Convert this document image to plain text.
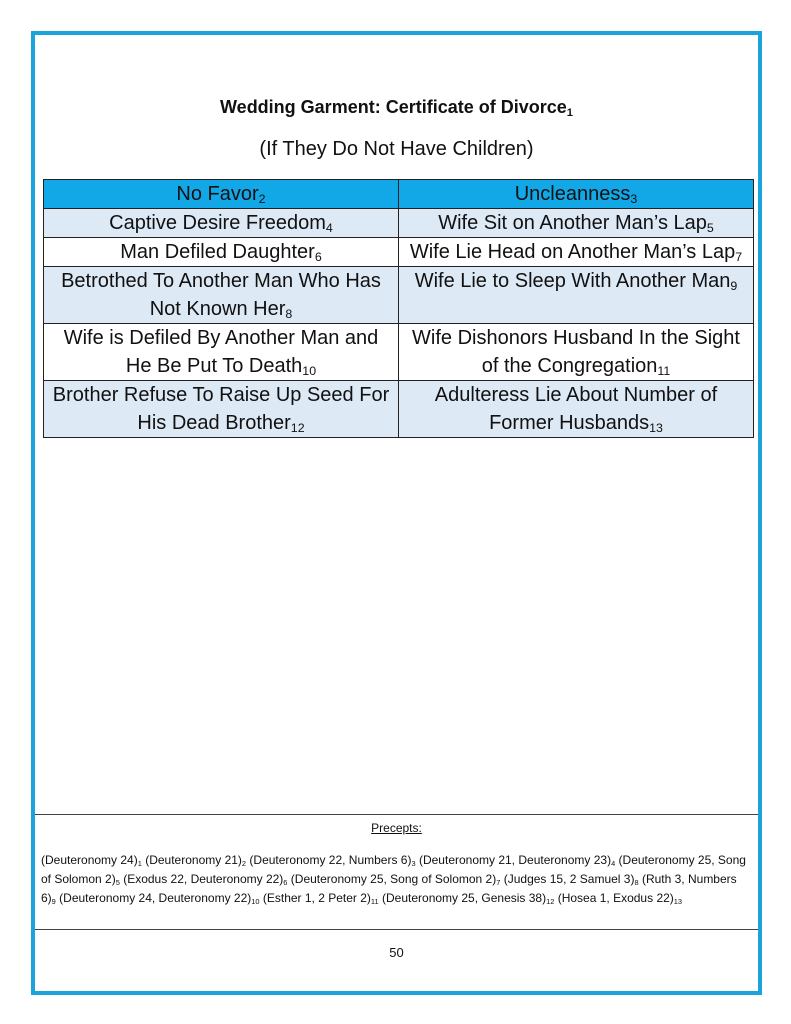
Wedding Garment: Certificate of Divorce$_1$
(If They Do Not Have Children)
No Favor$_2$	Uncleanness$_3$
Captive Desire Freedom$_4$	Wife Sit on Another Man’s Lap$_5$
Man Defiled Daughter$_6$	Wife Lie Head on Another Man’s Lap$_7$
Betrothed To Another Man Who Has Not Known Her$_8$	Wife Lie to Sleep With Another Man$_9$
Wife is Defiled By Another Man and He Be Put To Death$_{10}$	Wife Dishonors Husband In the Sight of the Congregation$_{11}$
Brother Refuse To Raise Up Seed For His Dead Brother$_{12}$	Adulteress Lie About Number of Former Husbands$_{13}$
Precepts:
(Deuteronomy $24)_1$ (Deuteronomy $21)_2$ (Deuteronomy 22, Numbers $6)_3$ (Deuteronomy 21, Deuteronomy $23)_4$ (Deuteronomy 25, Song of Solomon $2)_5$ (Exodus 22, Deuteronomy $22)_6$ (Deuteronomy 25, Song of Solomon $2)_7$ (Judges 15, 2 Samuel $3)_8$ (Ruth 3, Numbers $6)_9$ (Deuteronomy 24, Deuteronomy $22)_{10}$ (Esther 1, 2 Peter $2)_{11}$ (Deuteronomy 25, Genesis $38)_{12}$ (Hosea 1, Exodus $22)_{13}$
50
